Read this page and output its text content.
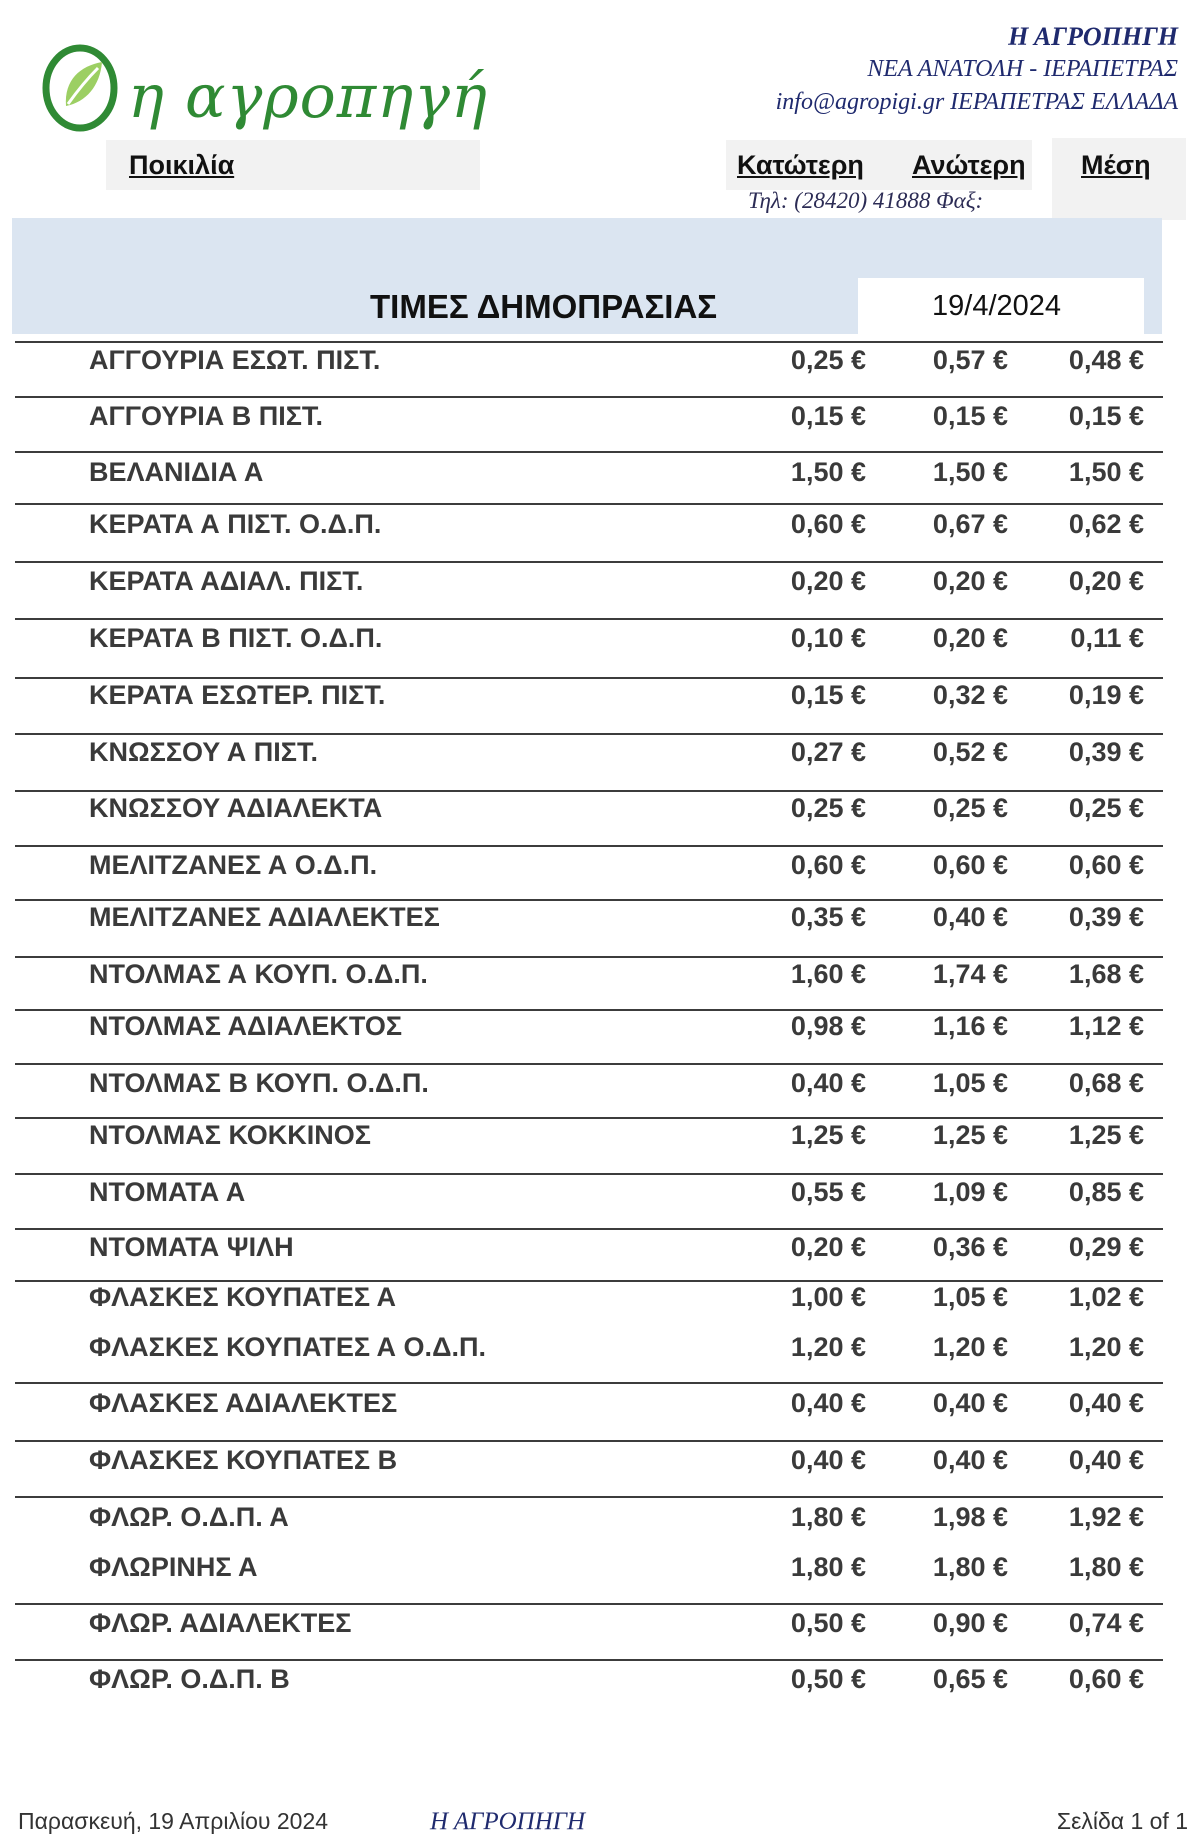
η αγροπηγή
Η ΑΓΡΟΠΗΓΗ
ΝΕΑ ΑΝΑΤΟΛΗ - ΙΕΡΑΠΕΤΡΑΣ
info@agropigi.gr ΙΕΡΑΠΕΤΡΑΣ ΕΛΛΑΔΑ
Ποικιλία	Κατώτερη Ανώτερη Μέση
Τηλ: (28420) 41888 Φαξ:
ΤΙΜΕΣ ΔΗΜΟΠΡΑΣΙΑΣ	19/4/2024
ΑΓΓΟΥΡΙΑ ΕΣΩΤ. ΠΙΣΤ.	0,25 € 0,57 € 0,48 €
ΑΓΓΟΥΡΙΑ Β ΠΙΣΤ.	0,15 € 0,15 € 0,15 €
ΒΕΛΑΝΙΔΙΑ Α	1,50 € 1,50 € 1,50 €
ΚΕΡΑΤΑ Α ΠΙΣΤ. Ο.Δ.Π.	0,60 € 0,67 € 0,62 €
ΚΕΡΑΤΑ ΑΔΙΑΛ. ΠΙΣΤ.	0,20 € 0,20 € 0,20 €
ΚΕΡΑΤΑ Β ΠΙΣΤ. Ο.Δ.Π.	0,10 € 0,20 € 0,11 €
ΚΕΡΑΤΑ ΕΣΩΤΕΡ. ΠΙΣΤ.	0,15 € 0,32 € 0,19 €
ΚΝΩΣΣΟΥ Α ΠΙΣΤ.	0,27 € 0,52 € 0,39 €
ΚΝΩΣΣΟΥ ΑΔΙΑΛΕΚΤΑ	0,25 € 0,25 € 0,25 €
ΜΕΛΙΤΖΑΝΕΣ Α Ο.Δ.Π.	0,60 € 0,60 € 0,60 €
ΜΕΛΙΤΖΑΝΕΣ ΑΔΙΑΛΕΚΤΕΣ	0,35 € 0,40 € 0,39 €
ΝΤΟΛΜΑΣ Α ΚΟΥΠ. Ο.Δ.Π.	1,60 € 1,74 € 1,68 €
ΝΤΟΛΜΑΣ ΑΔΙΑΛΕΚΤΟΣ	0,98 € 1,16 € 1,12 €
ΝΤΟΛΜΑΣ Β ΚΟΥΠ. Ο.Δ.Π.	0,40 € 1,05 € 0,68 €
ΝΤΟΛΜΑΣ ΚΟΚΚΙΝΟΣ	1,25 € 1,25 € 1,25 €
ΝΤΟΜΑΤΑ Α	0,55 € 1,09 € 0,85 €
ΝΤΟΜΑΤΑ ΨΙΛΗ	0,20 € 0,36 € 0,29 €
ΦΛΑΣΚΕΣ ΚΟΥΠΑΤΕΣ Α	1,00 € 1,05 € 1,02 €
ΦΛΑΣΚΕΣ ΚΟΥΠΑΤΕΣ Α Ο.Δ.Π.	1,20 € 1,20 € 1,20 €
ΦΛΑΣΚΕΣ ΑΔΙΑΛΕΚΤΕΣ	0,40 € 0,40 € 0,40 €
ΦΛΑΣΚΕΣ ΚΟΥΠΑΤΕΣ Β	0,40 € 0,40 € 0,40 €
ΦΛΩΡ. Ο.Δ.Π. Α	1,80 € 1,98 € 1,92 €
ΦΛΩΡΙΝΗΣ Α	1,80 € 1,80 € 1,80 €
ΦΛΩΡ. ΑΔΙΑΛΕΚΤΕΣ	0,50 € 0,90 € 0,74 €
ΦΛΩΡ. Ο.Δ.Π. Β	0,50 € 0,65 € 0,60 €
Παρασκευή, 19 Απριλίου 2024	Η ΑΓΡΟΠΗΓΗ	Σελίδα 1 of 1
